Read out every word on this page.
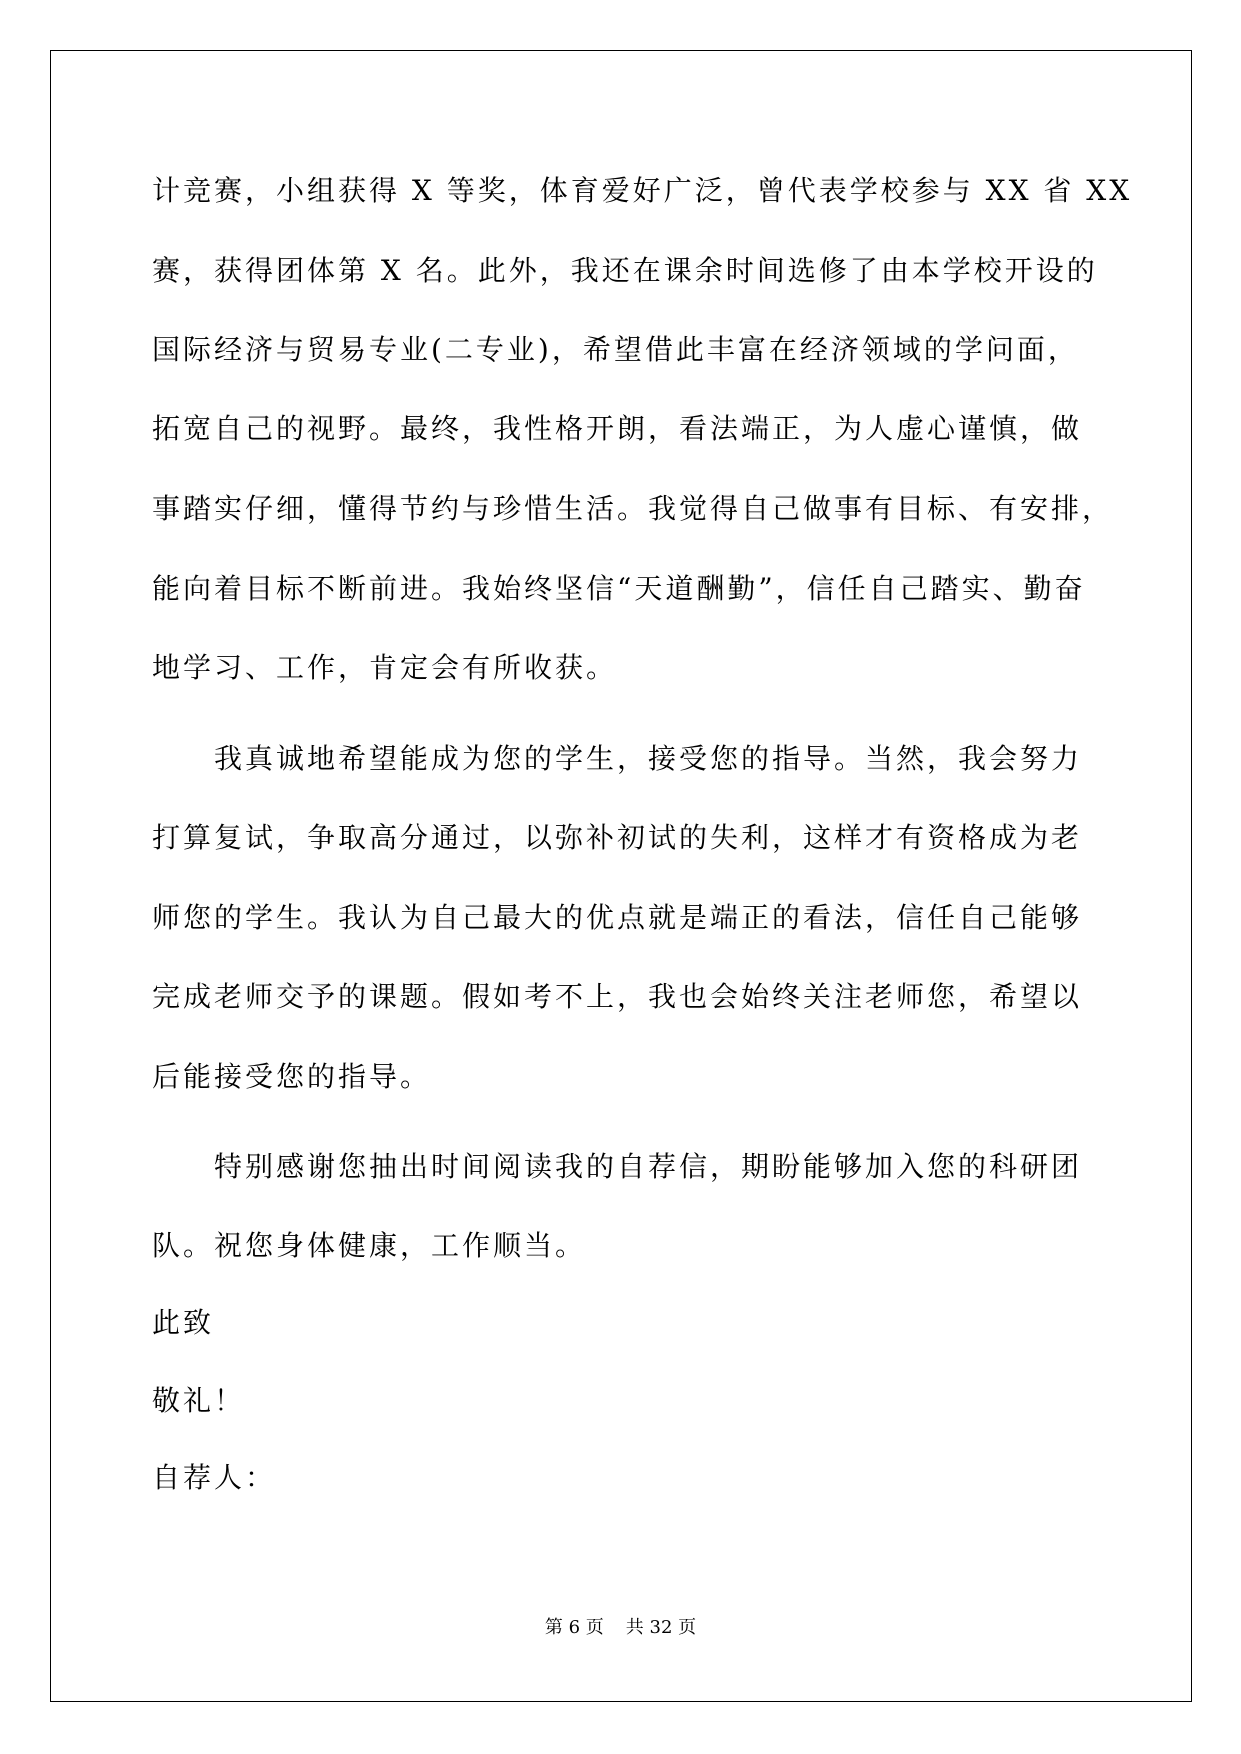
计竞赛，小组获得 X 等奖，体育爱好广泛，曾代表学校参与 XX 省 XX
赛，获得团体第 X 名。此外，我还在课余时间选修了由本学校开设的
国际经济与贸易专业(二专业)，希望借此丰富在经济领域的学问面，
拓宽自己的视野。最终，我性格开朗，看法端正，为人虚心谨慎，做
事踏实仔细，懂得节约与珍惜生活。我觉得自己做事有目标、有安排，
能向着目标不断前进。我始终坚信“天道酬勤”，信任自己踏实、勤奋
地学习、工作，肯定会有所收获。
　　我真诚地希望能成为您的学生，接受您的指导。当然，我会努力
打算复试，争取高分通过，以弥补初试的失利，这样才有资格成为老
师您的学生。我认为自己最大的优点就是端正的看法，信任自己能够
完成老师交予的课题。假如考不上，我也会始终关注老师您，希望以
后能接受您的指导。
　　特别感谢您抽出时间阅读我的自荐信，期盼能够加入您的科研团
队。祝您身体健康，工作顺当。
此致
敬礼！
自荐人：
第 6 页 共 32 页
